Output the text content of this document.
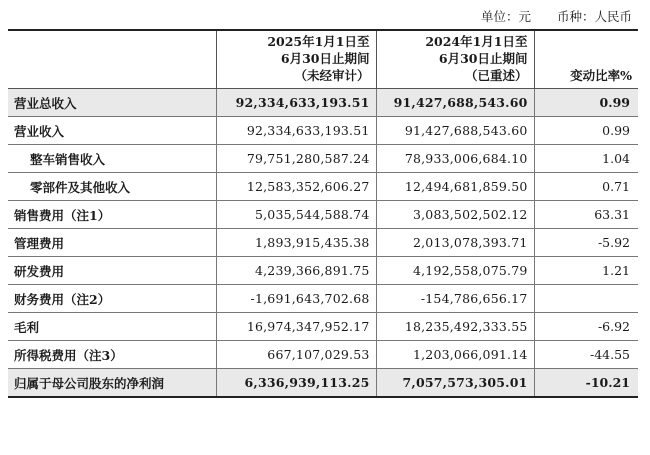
单位：元 币种：人民币

	2025年1月1日至
6月30日止期间
（未经审计）	2024年1月1日至
6月30日止期间
（已重述）	变动比率%

营业总收入	92,334,633,193.51	91,427,688,543.60	0.99
营业收入	92,334,633,193.51	91,427,688,543.60	0.99
整车销售收入	79,751,280,587.24	78,933,006,684.10	1.04
零部件及其他收入	12,583,352,606.27	12,494,681,859.50	0.71
销售费用（注1）	5,035,544,588.74	3,083,502,502.12	63.31
管理费用	1,893,915,435.38	2,013,078,393.71	-5.92
研发费用	4,239,366,891.75	4,192,558,075.79	1.21
财务费用（注2）	-1,691,643,702.68	-154,786,656.17	
毛利	16,974,347,952.17	18,235,492,333.55	-6.92
所得税费用（注3）	667,107,029.53	1,203,066,091.14	-44.55
归属于母公司股东的净利润	6,336,939,113.25	7,057,573,305.01	-10.21
